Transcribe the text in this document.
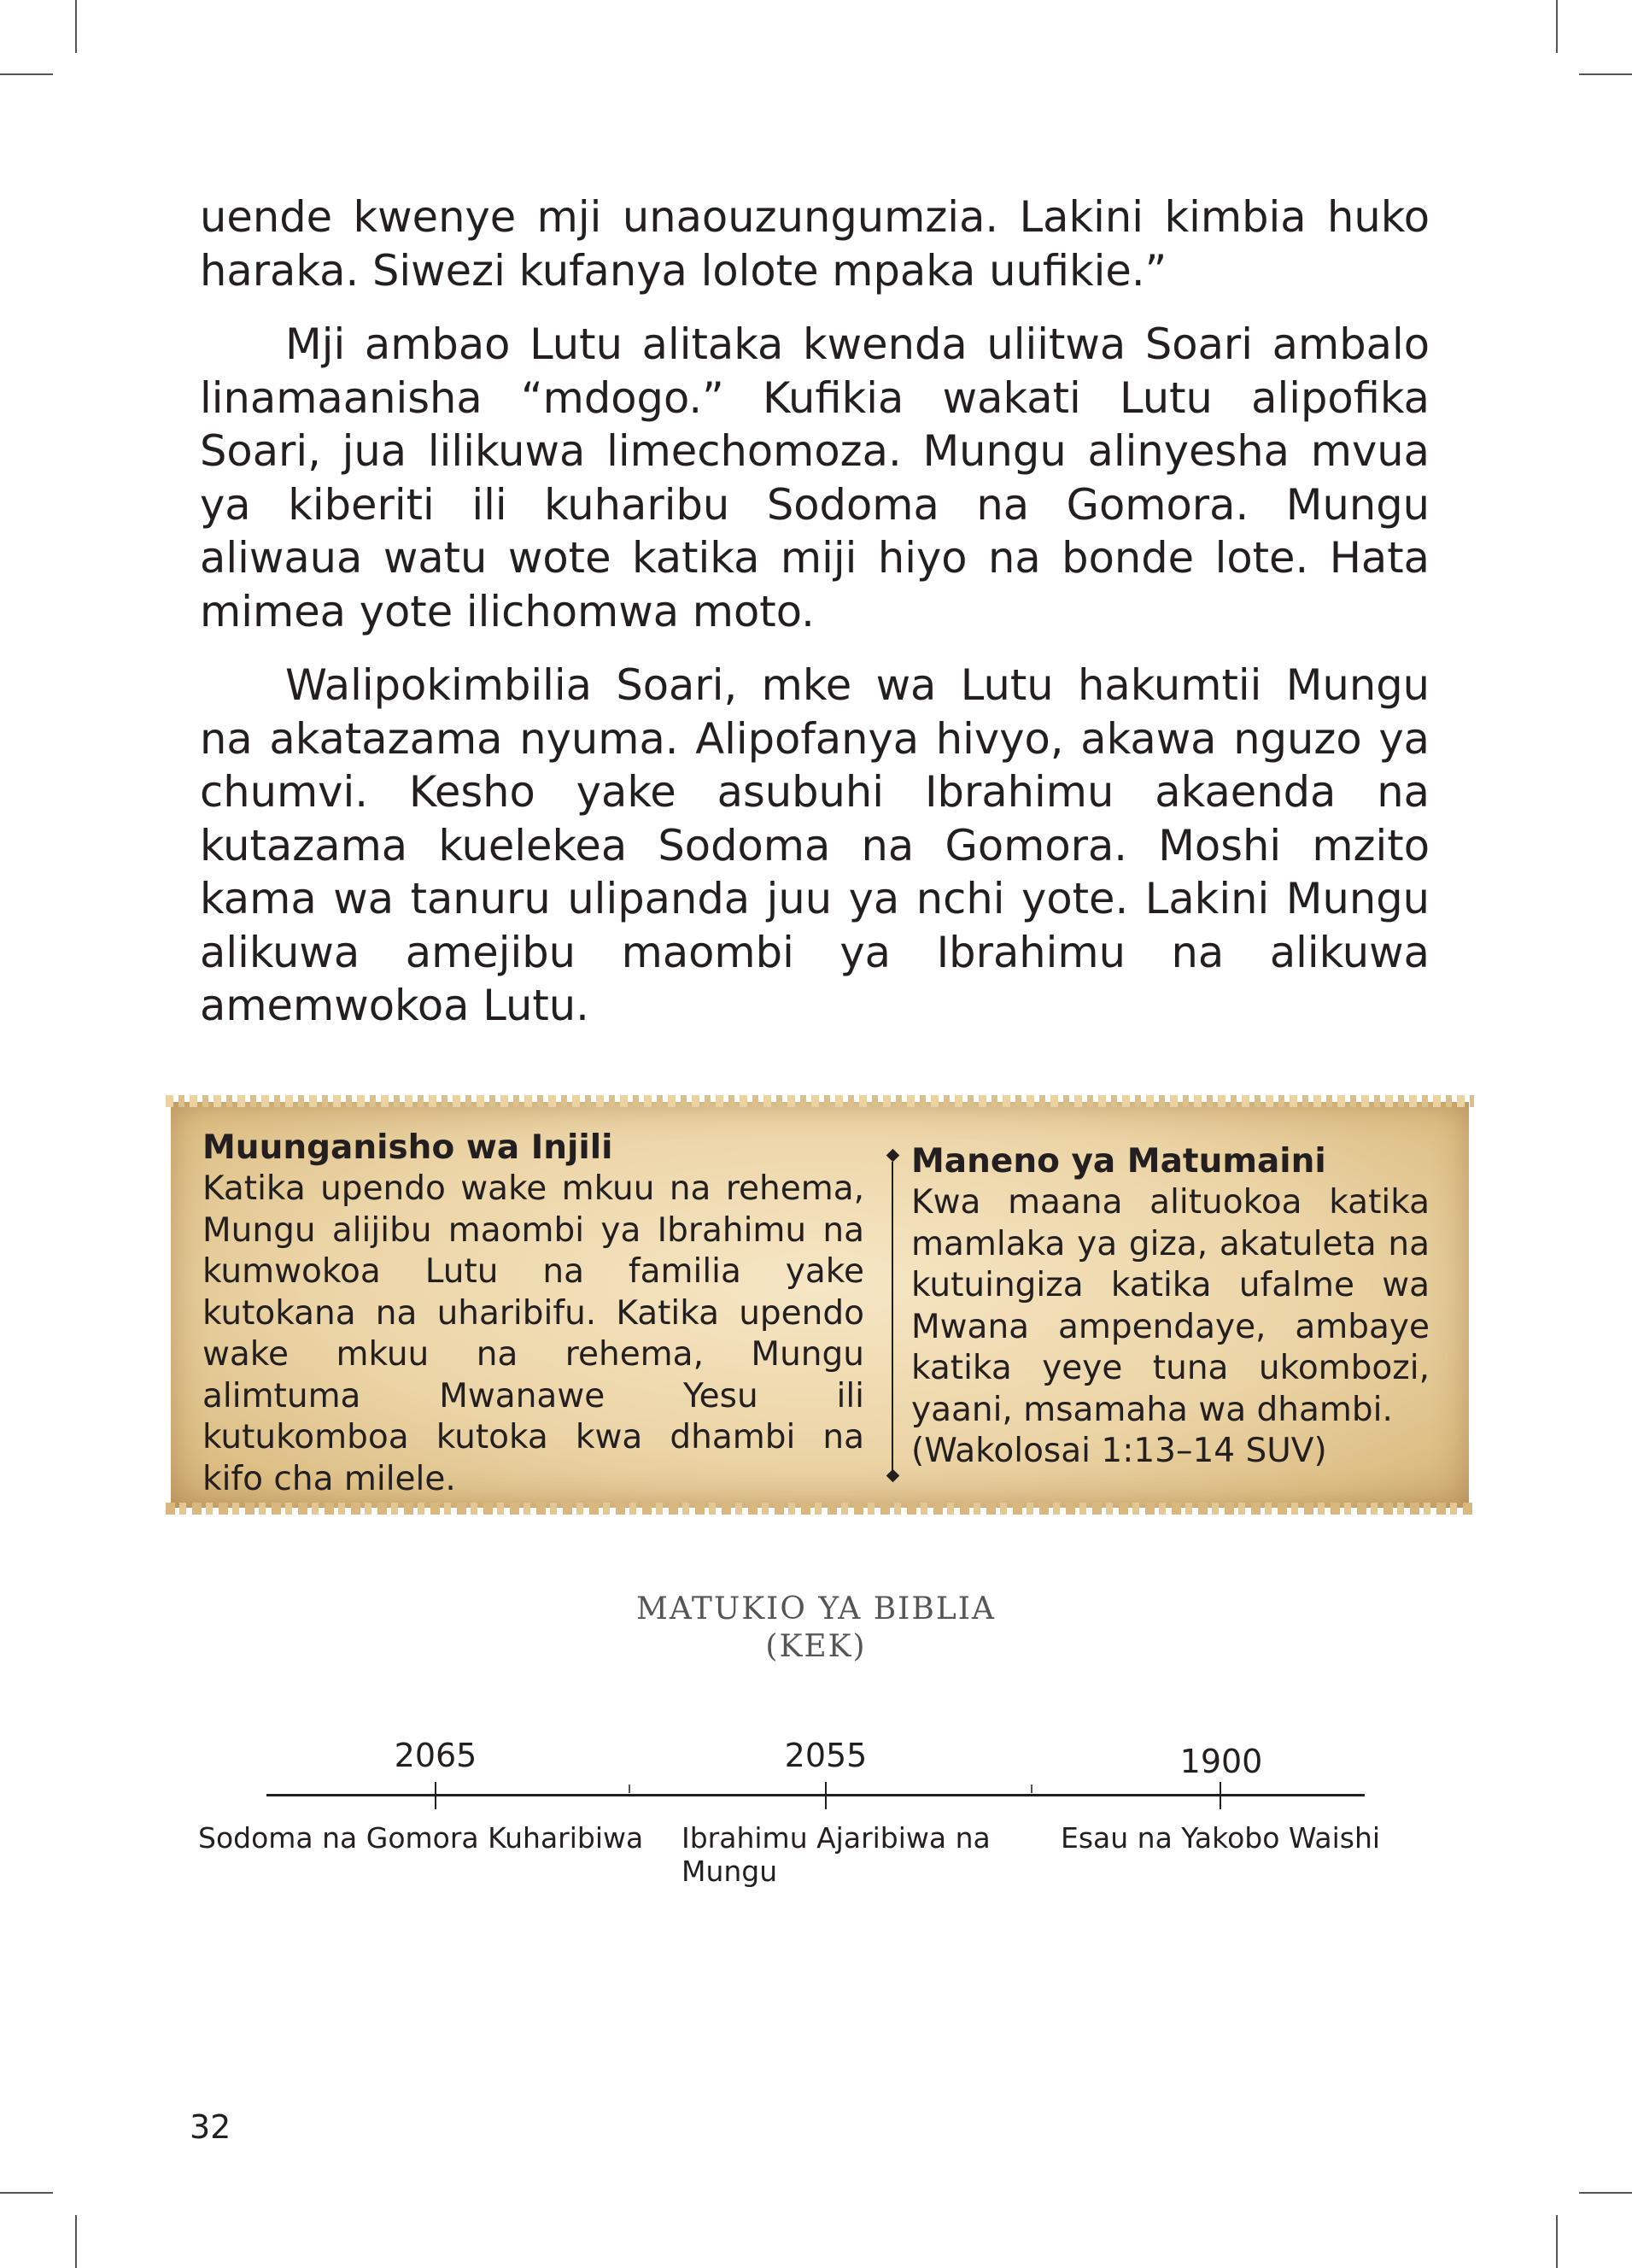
uende kwenye mji unaouzungumzia. Lakini kimbia huko haraka. Siwezi kufanya lolote mpaka uufikie.”

Mji ambao Lutu alitaka kwenda uliitwa Soari ambalo linamaanisha “mdogo.” Kufikia wakati Lutu alipofika Soari, jua lilikuwa limechomoza. Mungu alinyesha mvua ya kiberiti ili kuharibu Sodoma na Gomora. Mungu aliwaua watu wote katika miji hiyo na bonde lote. Hata mimea yote ilichomwa moto.

Walipokimbilia Soari, mke wa Lutu hakumtii Mungu na akatazama nyuma. Alipofanya hivyo, akawa nguzo ya chumvi. Kesho yake asubuhi Ibrahimu akaenda na kutazama kuelekea Sodoma na Gomora. Moshi mzito kama wa tanuru ulipanda juu ya nchi yote. Lakini Mungu alikuwa amejibu maombi ya Ibrahimu na alikuwa amemwokoa Lutu.

Muunganisho wa Injili
Katika upendo wake mkuu na rehema, Mungu alijibu maombi ya Ibrahimu na kumwokoa Lutu na familia yake kutokana na uharibifu. Katika upendo wake mkuu na rehema, Mungu alimtuma Mwanawe Yesu ili kutukomboa kutoka kwa dhambi na kifo cha milele.
Maneno ya Matumaini
Kwa maana alituokoa katika mamlaka ya giza, akatuleta na kutuingiza katika ufalme wa Mwana ampendaye, ambaye katika yeye tuna ukombozi, yaani, msamaha wa dhambi.
(Wakolosai 1:13–14 SUV)
MATUKIO YA BIBLIA
(KEK)
2065	2055	1900
Sodoma na Gomora Kuharibiwa Ibrahimu Ajaribiwa na Mungu
Esau na Yakobo Waishi
32
